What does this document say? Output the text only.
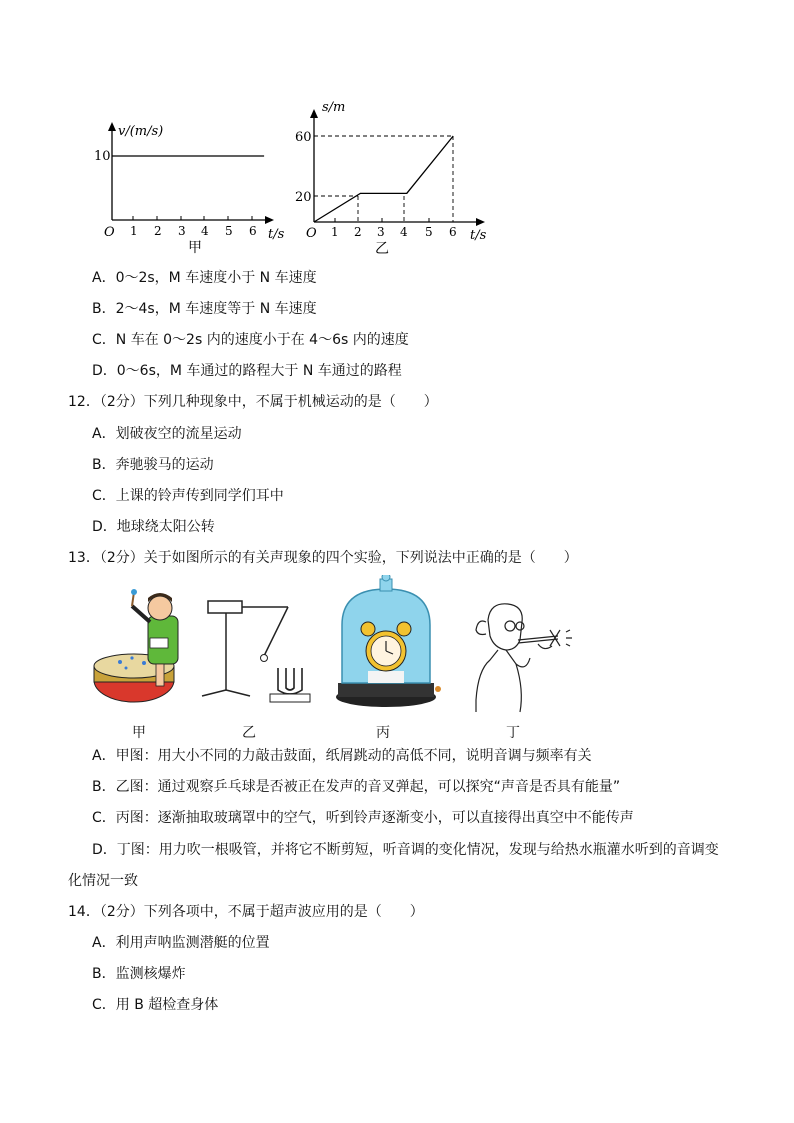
v/(m/s)
10
O 1 2 3 4 5 6 t/s
甲
s/m
60
20
O 1 2 3 4 5 6 t/s
乙
A．0～2s，M 车速度小于 N 车速度
B．2～4s，M 车速度等于 N 车速度
C．N 车在 0～2s 内的速度小于在 4～6s 内的速度
D．0～6s，M 车通过的路程大于 N 车通过的路程
12．（2分）下列几种现象中，不属于机械运动的是（　　）
A．划破夜空的流星运动
B．奔驰骏马的运动
C．上课的铃声传到同学们耳中
D．地球绕太阳公转
13．（2分）关于如图所示的有关声现象的四个实验，下列说法中正确的是（　　）
甲	乙	丙	丁
A．甲图：用大小不同的力敲击鼓面，纸屑跳动的高低不同，说明音调与频率有关
B．乙图：通过观察乒乓球是否被正在发声的音叉弹起，可以探究“声音是否具有能量”
C．丙图：逐渐抽取玻璃罩中的空气，听到铃声逐渐变小，可以直接得出真空中不能传声
D．丁图：用力吹一根吸管，并将它不断剪短，听音调的变化情况，发现与给热水瓶灌水听到的音调变
化情况一致
14．（2分）下列各项中，不属于超声波应用的是（　　）
A．利用声呐监测潜艇的位置
B．监测核爆炸
C．用 B 超检查身体
